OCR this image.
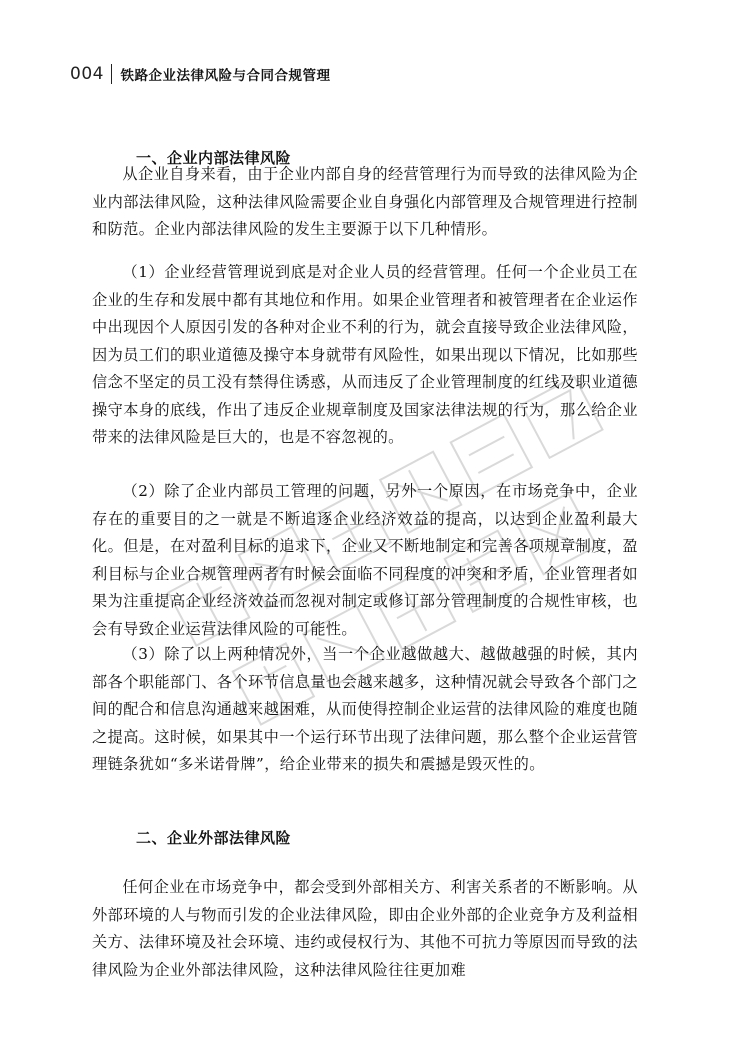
004 铁路企业法律风险与合同合规管理
一、企业内部法律风险

从企业自身来看，由于企业内部自身的经营管理行为而导致的法律风险为企业内部法律风险，这种法律风险需要企业自身强化内部管理及合规管理进行控制和防范。企业内部法律风险的发生主要源于以下几种情形。

（1）企业经营管理说到底是对企业人员的经营管理。任何一个企业员工在企业的生存和发展中都有其地位和作用。如果企业管理者和被管理者在企业运作中出现因个人原因引发的各种对企业不利的行为，就会直接导致企业法律风险，因为员工们的职业道德及操守本身就带有风险性，如果出现以下情况，比如那些信念不坚定的员工没有禁得住诱惑，从而违反了企业管理制度的红线及职业道德操守本身的底线，作出了违反企业规章制度及国家法律法规的行为，那么给企业带来的法律风险是巨大的，也是不容忽视的。

（2）除了企业内部员工管理的问题，另外一个原因，在市场竞争中，企业存在的重要目的之一就是不断追逐企业经济效益的提高，以达到企业盈利最大化。但是，在对盈利目标的追求下，企业又不断地制定和完善各项规章制度，盈利目标与企业合规管理两者有时候会面临不同程度的冲突和矛盾，企业管理者如果为注重提高企业经济效益而忽视对制定或修订部分管理制度的合规性审核，也会有导致企业运营法律风险的可能性。

（3）除了以上两种情况外，当一个企业越做越大、越做越强的时候，其内部各个职能部门、各个环节信息量也会越来越多，这种情况就会导致各个部门之间的配合和信息沟通越来越困难，从而使得控制企业运营的法律风险的难度也随之提高。这时候，如果其中一个运行环节出现了法律问题，那么整个企业运营管理链条犹如“多米诺骨牌”，给企业带来的损失和震撼是毁灭性的。

二、企业外部法律风险

任何企业在市场竞争中，都会受到外部相关方、利害关系者的不断影响。从外部环境的人与物而引发的企业法律风险，即由企业外部的企业竞争方及利益相关方、法律环境及社会环境、违约或侵权行为、其他不可抗力等原因而导致的法律风险为企业外部法律风险，这种法律风险往往更加难
